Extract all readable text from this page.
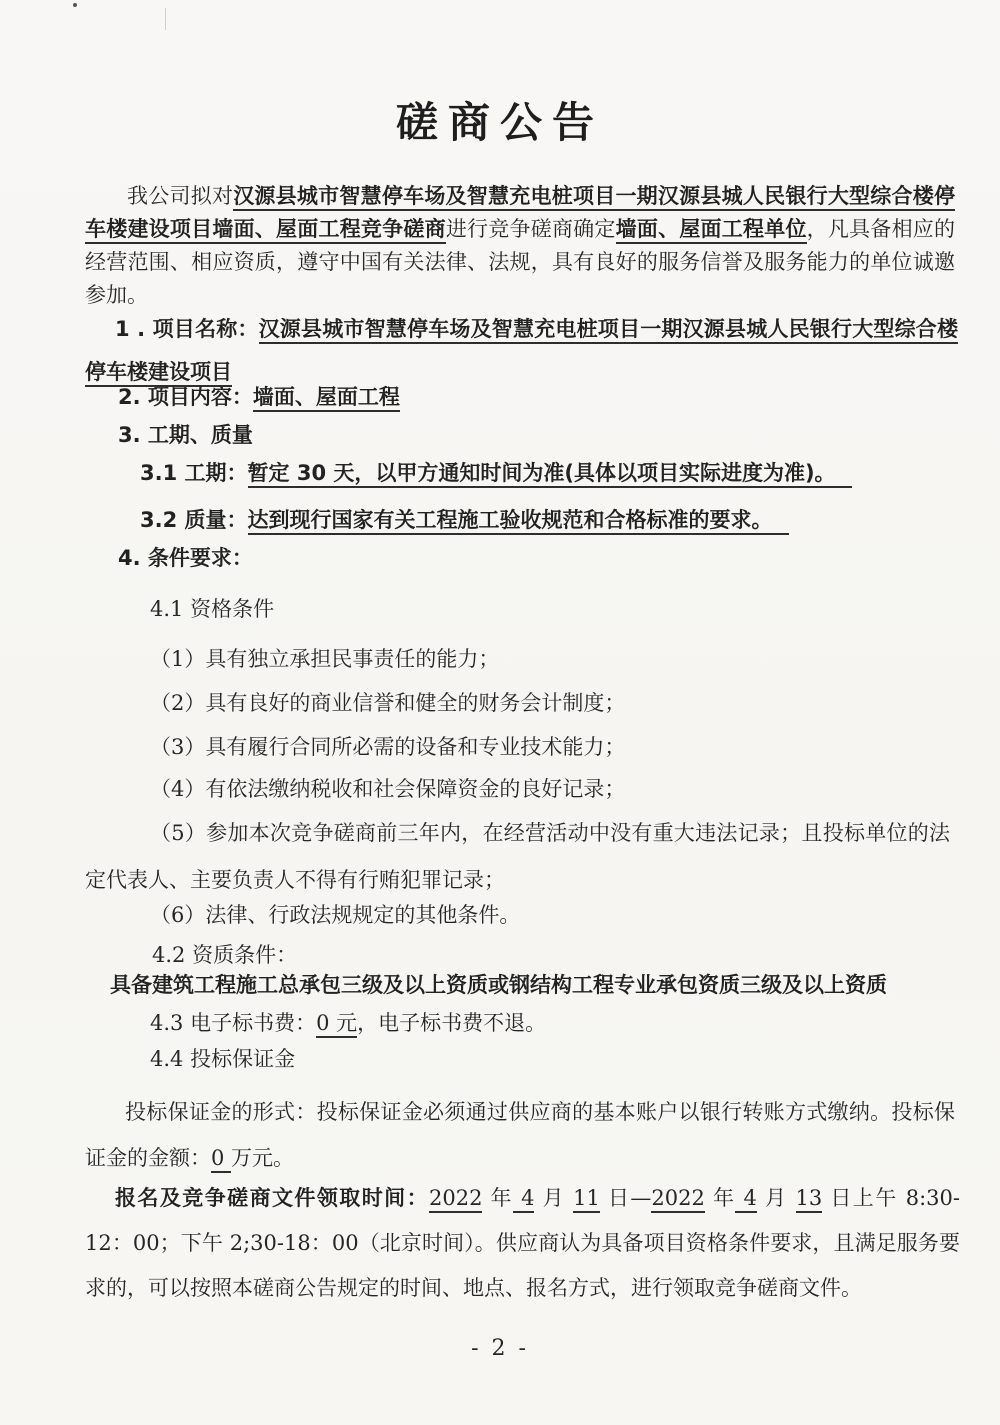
磋商公告
我公司拟对汉源县城市智慧停车场及智慧充电桩项目一期汉源县城人民银行大型综合楼停车楼建设项目墙面、屋面工程竞争磋商进行竞争磋商确定墙面、屋面工程单位，凡具备相应的经营范围、相应资质，遵守中国有关法律、法规，具有良好的服务信誉及服务能力的单位诚邀参加。
1 . 项目名称：汉源县城市智慧停车场及智慧充电桩项目一期汉源县城人民银行大型综合楼停车楼建设项目
2. 项目内容：墙面、屋面工程
3. 工期、质量
3.1 工期：暂定 30 天，以甲方通知时间为准(具体以项目实际进度为准)。
3.2 质量：达到现行国家有关工程施工验收规范和合格标准的要求。
4. 条件要求：
4.1 资格条件
（1）具有独立承担民事责任的能力；
（2）具有良好的商业信誉和健全的财务会计制度；
（3）具有履行合同所必需的设备和专业技术能力；
（4）有依法缴纳税收和社会保障资金的良好记录；
（5）参加本次竞争磋商前三年内，在经营活动中没有重大违法记录；且投标单位的法定代表人、主要负责人不得有行贿犯罪记录；
（6）法律、行政法规规定的其他条件。
4.2 资质条件：
具备建筑工程施工总承包三级及以上资质或钢结构工程专业承包资质三级及以上资质
4.3 电子标书费：0 元，电子标书费不退。
4.4 投标保证金
投标保证金的形式：投标保证金必须通过供应商的基本账户以银行转账方式缴纳。投标保证金的金额：0 万元。
报名及竞争磋商文件领取时间：2022 年 4 月 11 日—2022 年 4 月 13 日上午 8:30-12：00；下午 2;30-18：00（北京时间）。供应商认为具备项目资格条件要求，且满足服务要求的，可以按照本磋商公告规定的时间、地点、报名方式，进行领取竞争磋商文件。
- 2 -
